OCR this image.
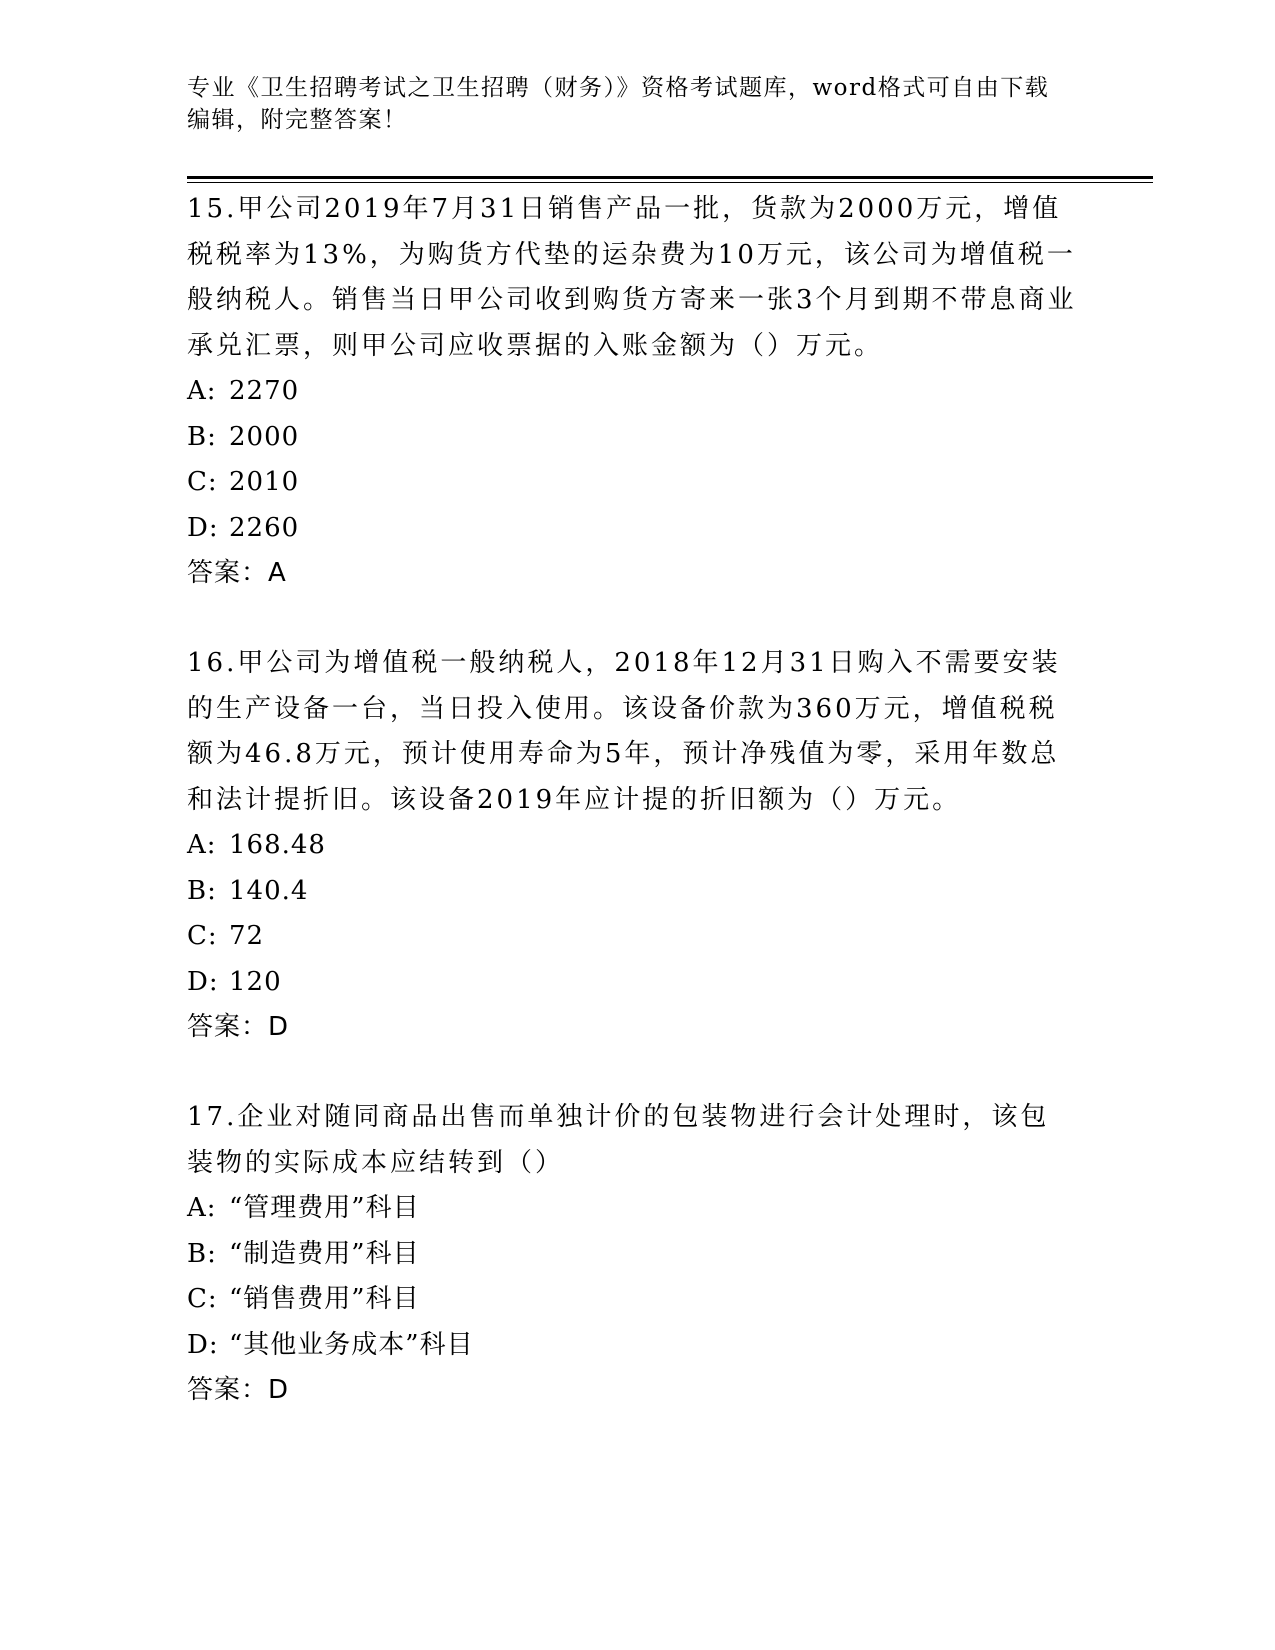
专业《卫生招聘考试之卫生招聘（财务）》资格考试题库，word格式可自由下载编辑，附完整答案！

15.甲公司2019年7月31日销售产品一批，货款为2000万元，增值税税率为13%，为购货方代垫的运杂费为10万元，该公司为增值税一般纳税人。销售当日甲公司收到购货方寄来一张3个月到期不带息商业承兑汇票，则甲公司应收票据的入账金额为（）万元。

A: 2270

B: 2000

C: 2010

D: 2260

答案：A

16.甲公司为增值税一般纳税人，2018年12月31日购入不需要安装的生产设备一台，当日投入使用。该设备价款为360万元，增值税税额为46.8万元，预计使用寿命为5年，预计净残值为零，采用年数总和法计提折旧。该设备2019年应计提的折旧额为（）万元。

A: 168.48

B: 140.4

C: 72

D: 120

答案：D

17.企业对随同商品出售而单独计价的包装物进行会计处理时，该包装物的实际成本应结转到（）

A: “管理费用”科目

B: “制造费用”科目

C: “销售费用”科目

D: “其他业务成本”科目

答案：D
